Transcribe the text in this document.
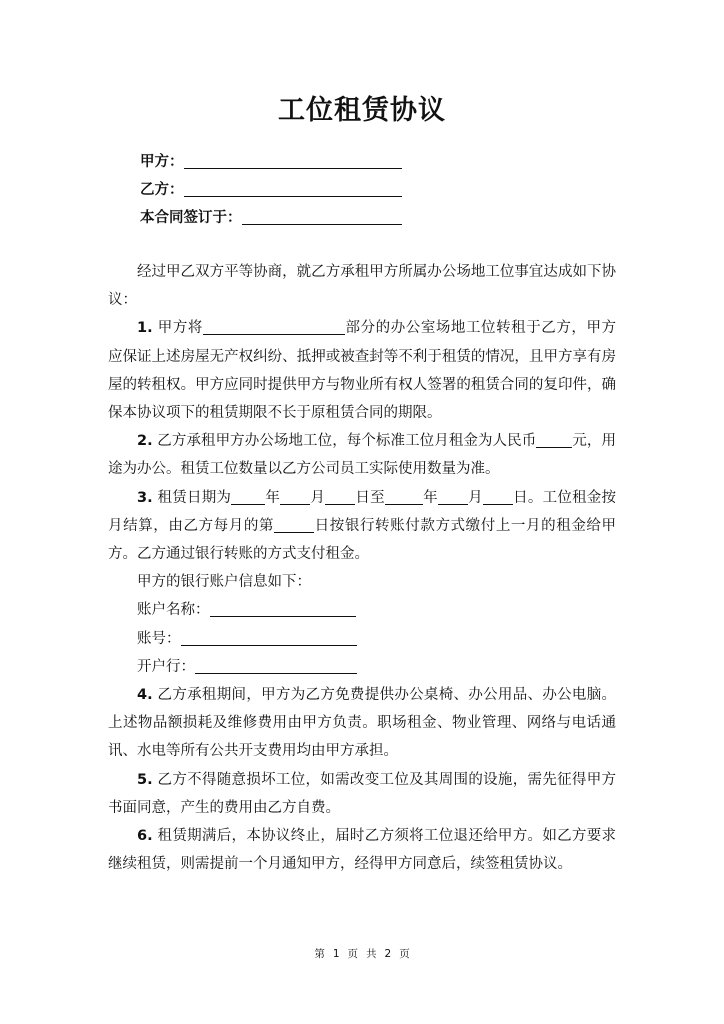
工位租赁协议
甲方：
乙方：
本合同签订于：

经过甲乙双方平等协商，就乙方承租甲方所属办公场地工位事宜达成如下协议：

1. 甲方将	部分的办公室场地工位转租于乙方，甲方应保证上述房屋无产权纠纷、抵押或被查封等不利于租赁的情况，且甲方享有房屋的转租权。甲方应同时提供甲方与物业所有权人签署的租赁合同的复印件，确保本协议项下的租赁期限不长于原租赁合同的期限。

2. 乙方承租甲方办公场地工位，每个标准工位月租金为人民币 元，用途为办公。租赁工位数量以乙方公司员工实际使用数量为准。

3. 租赁日期为 年 月 日至	年 月 日。工位租金按月结算，由乙方每月的第	日按银行转账付款方式缴付上一月的租金给甲方。乙方通过银行转账的方式支付租金。

甲方的银行账户信息如下：

账户名称：

账号：

开户行：

4. 乙方承租期间，甲方为乙方免费提供办公桌椅、办公用品、办公电脑。上述物品额损耗及维修费用由甲方负责。职场租金、物业管理、网络与电话通讯、水电等所有公共开支费用均由甲方承担。

5. 乙方不得随意损坏工位，如需改变工位及其周围的设施，需先征得甲方书面同意，产生的费用由乙方自费。

6. 租赁期满后，本协议终止，届时乙方须将工位退还给甲方。如乙方要求继续租赁，则需提前一个月通知甲方，经得甲方同意后，续签租赁协议。

第 1 页 共 2 页
